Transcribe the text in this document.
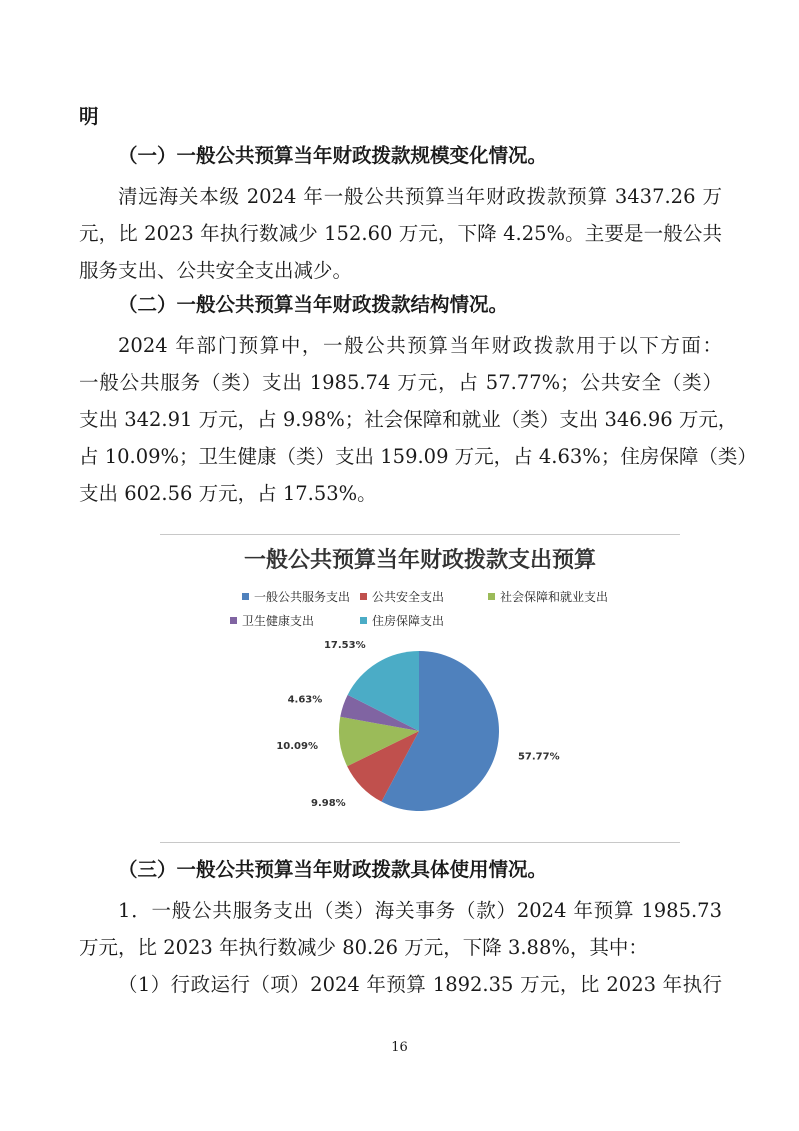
明
（一）一般公共预算当年财政拨款规模变化情况。
清远海关本级 2024 年一般公共预算当年财政拨款预算 3437.26 万
元，比 2023 年执行数减少 152.60 万元，下降 4.25%。主要是一般公共
服务支出、公共安全支出减少。
（二）一般公共预算当年财政拨款结构情况。
2024 年部门预算中，一般公共预算当年财政拨款用于以下方面：
一般公共服务（类）支出 1985.74 万元，占 57.77%；公共安全（类）
支出 342.91 万元，占 9.98%；社会保障和就业（类）支出 346.96 万元，
占 10.09%；卫生健康（类）支出 159.09 万元，占 4.63%；住房保障（类）
支出 602.56 万元，占 17.53%。
一般公共预算当年财政拨款支出预算
一般公共服务支出	公共安全支出	社会保障和就业支出
卫生健康支出	住房保障支出
57.77%
9.98%
10.09%
4.63%
17.53%
（三）一般公共预算当年财政拨款具体使用情况。
1．一般公共服务支出（类）海关事务（款）2024 年预算 1985.73
万元，比 2023 年执行数减少 80.26 万元，下降 3.88%，其中：
（1）行政运行（项）2024 年预算 1892.35 万元，比 2023 年执行
16
